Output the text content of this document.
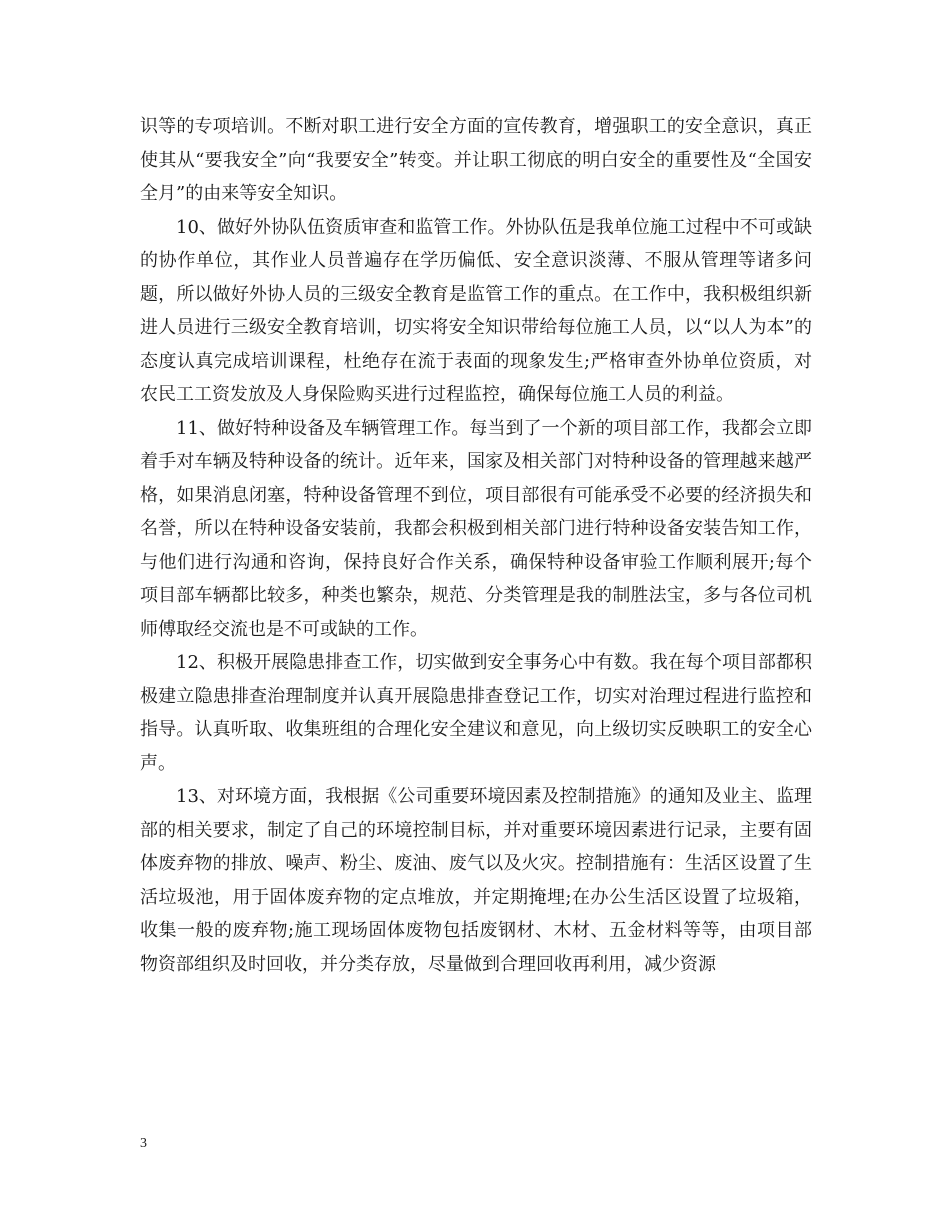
识等的专项培训。不断对职工进行安全方面的宣传教育，增强职工的安全意识，真正使其从“要我安全”向“我要安全”转变。并让职工彻底的明白安全的重要性及“全国安全月”的由来等安全知识。

10、做好外协队伍资质审查和监管工作。外协队伍是我单位施工过程中不可或缺的协作单位，其作业人员普遍存在学历偏低、安全意识淡薄、不服从管理等诸多问题，所以做好外协人员的三级安全教育是监管工作的重点。在工作中，我积极组织新进人员进行三级安全教育培训，切实将安全知识带给每位施工人员，以“以人为本”的态度认真完成培训课程，杜绝存在流于表面的现象发生;严格审查外协单位资质，对农民工工资发放及人身保险购买进行过程监控，确保每位施工人员的利益。

11、做好特种设备及车辆管理工作。每当到了一个新的项目部工作，我都会立即着手对车辆及特种设备的统计。近年来，国家及相关部门对特种设备的管理越来越严格，如果消息闭塞，特种设备管理不到位，项目部很有可能承受不必要的经济损失和名誉，所以在特种设备安装前，我都会积极到相关部门进行特种设备安装告知工作，与他们进行沟通和咨询，保持良好合作关系，确保特种设备审验工作顺利展开;每个项目部车辆都比较多，种类也繁杂，规范、分类管理是我的制胜法宝，多与各位司机师傅取经交流也是不可或缺的工作。

12、积极开展隐患排查工作，切实做到安全事务心中有数。我在每个项目部都积极建立隐患排查治理制度并认真开展隐患排查登记工作，切实对治理过程进行监控和指导。认真听取、收集班组的合理化安全建议和意见，向上级切实反映职工的安全心声。

13、对环境方面，我根据《公司重要环境因素及控制措施》的通知及业主、监理部的相关要求，制定了自己的环境控制目标，并对重要环境因素进行记录，主要有固体废弃物的排放、噪声、粉尘、废油、废气以及火灾。控制措施有：生活区设置了生活垃圾池，用于固体废弃物的定点堆放，并定期掩埋;在办公生活区设置了垃圾箱，收集一般的废弃物;施工现场固体废物包括废钢材、木材、五金材料等等，由项目部物资部组织及时回收，并分类存放，尽量做到合理回收再利用，减少资源

3
